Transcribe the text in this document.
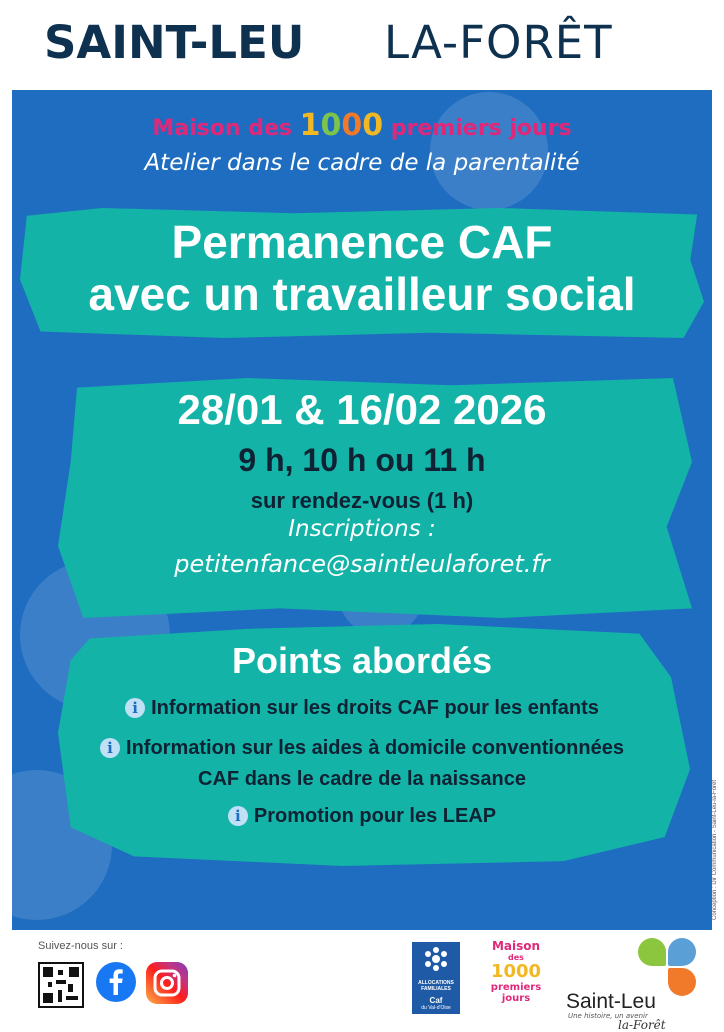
SAINT-LEU LA-FORÊT
Maison des 1000 premiers jours
Atelier dans le cadre de la parentalité
Permanence CAF
avec un travailleur social
28/01 & 16/02 2026
9 h, 10 h ou 11 h
sur rendez-vous (1 h)
Inscriptions :
petitenfance@saintleulaforet.fr
Points abordés
i Information sur les droits CAF pour les enfants
i Information sur les aides à domicile conventionnées
CAF dans le cadre de la naissance
i Promotion pour les LEAP	Conception : Dir Communication - Saint-Leu-la-Forêt
Suivez-nous sur :
ALLOCATIONS
FAMILIALES
Caf
du Val-d'Oise
Maison
des
1000
premiers
jours	Saint-Leu
Une histoire, un avenir
la-Forêt
